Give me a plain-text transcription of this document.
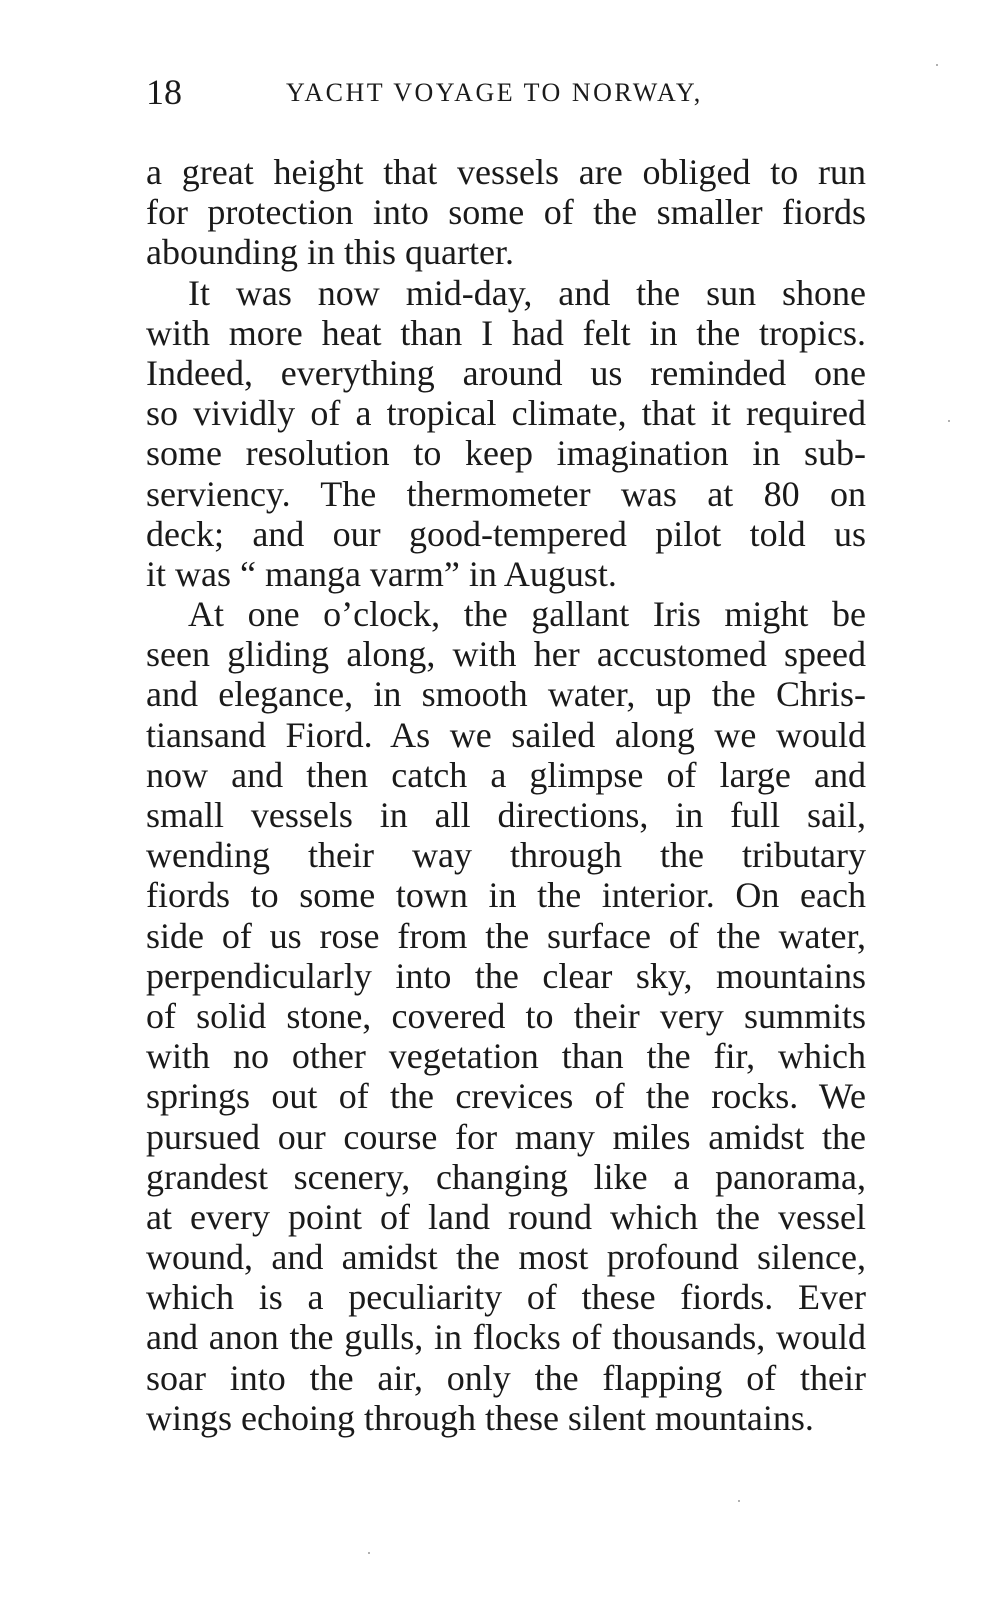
18	YACHT VOYAGE TO NORWAY,
a great height that vessels are obliged to run
for protection into some of the smaller fiords
abounding in this quarter.
It was now mid-day, and the sun shone
with more heat than I had felt in the tropics.
Indeed, everything around us reminded one
so vividly of a tropical climate, that it required
some resolution to keep imagination in sub-
serviency. The thermometer was at 80 on
deck; and our good-tempered pilot told us
it was “ manga varm” in August.
At one o’clock, the gallant Iris might be
seen gliding along, with her accustomed speed
and elegance, in smooth water, up the Chris-
tiansand Fiord. As we sailed along we would
now and then catch a glimpse of large and
small vessels in all directions, in full sail,
wending their way through the tributary
fiords to some town in the interior. On each
side of us rose from the surface of the water,
perpendicularly into the clear sky, mountains
of solid stone, covered to their very summits
with no other vegetation than the fir, which
springs out of the crevices of the rocks. We
pursued our course for many miles amidst the
grandest scenery, changing like a panorama,
at every point of land round which the vessel
wound, and amidst the most profound silence,
which is a peculiarity of these fiords. Ever
and anon the gulls, in flocks of thousands, would
soar into the air, only the flapping of their
wings echoing through these silent mountains.
